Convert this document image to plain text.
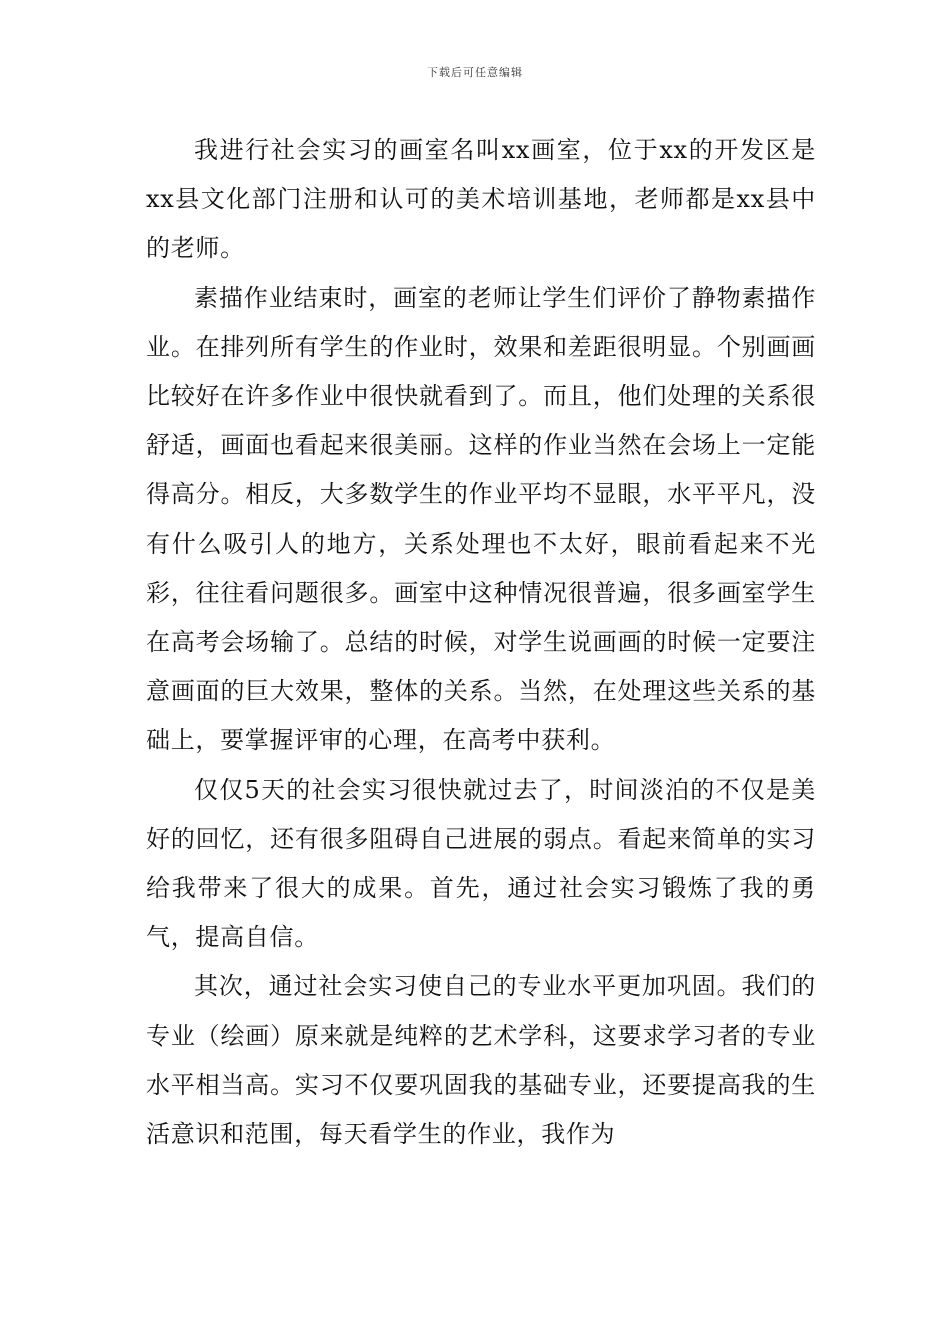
下载后可任意编辑

我进行社会实习的画室名叫xx画室，位于xx的开发区是xx县文化部门注册和认可的美术培训基地，老师都是xx县中的老师。

素描作业结束时，画室的老师让学生们评价了静物素描作业。在排列所有学生的作业时，效果和差距很明显。个别画画比较好在许多作业中很快就看到了。而且，他们处理的关系很舒适，画面也看起来很美丽。这样的作业当然在会场上一定能得高分。相反，大多数学生的作业平均不显眼，水平平凡，没有什么吸引人的地方，关系处理也不太好，眼前看起来不光彩，往往看问题很多。画室中这种情况很普遍，很多画室学生在高考会场输了。总结的时候，对学生说画画的时候一定要注意画面的巨大效果，整体的关系。当然，在处理这些关系的基础上，要掌握评审的心理，在高考中获利。

仅仅5天的社会实习很快就过去了，时间淡泊的不仅是美好的回忆，还有很多阻碍自己进展的弱点。看起来简单的实习给我带来了很大的成果。首先，通过社会实习锻炼了我的勇气，提高自信。

其次，通过社会实习使自己的专业水平更加巩固。我们的专业（绘画）原来就是纯粹的艺术学科，这要求学习者的专业水平相当高。实习不仅要巩固我的基础专业，还要提高我的生活意识和范围，每天看学生的作业，我作为
